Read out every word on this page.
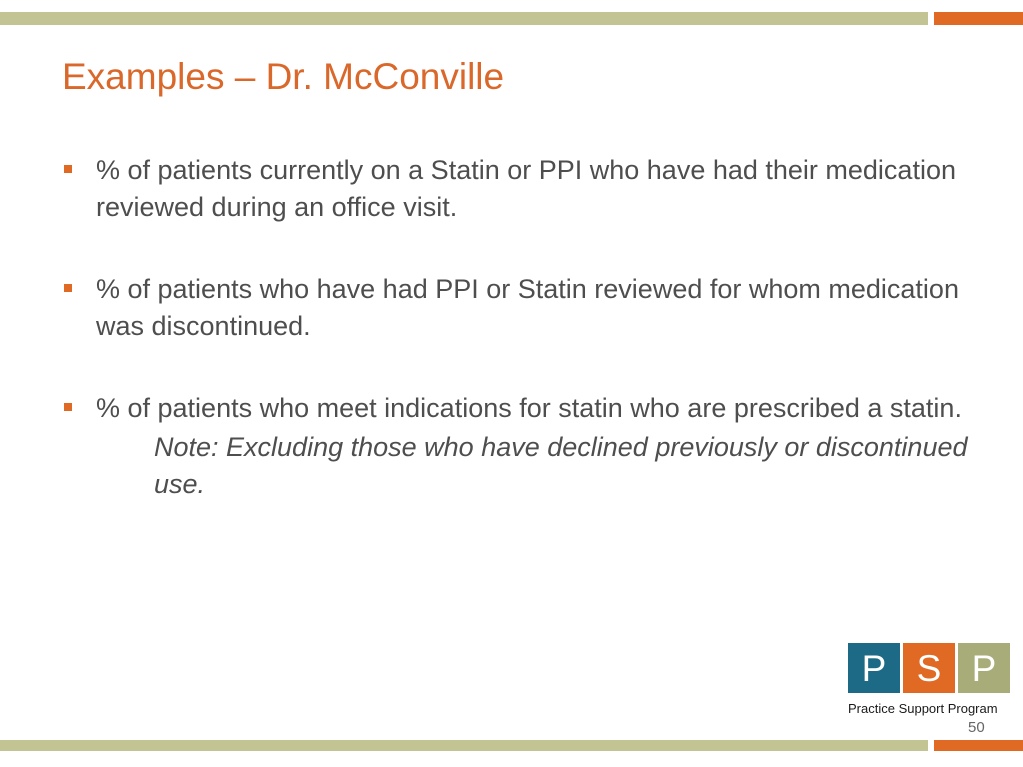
Examples – Dr. McConville
% of patients currently on a Statin or PPI who have had their medication reviewed during an office visit.
% of patients who have had PPI or Statin reviewed for whom medication was discontinued.
% of patients who meet indications for statin who are prescribed a statin.
Note: Excluding those who have declined previously or discontinued use.
P S P
Practice Support Program
50
